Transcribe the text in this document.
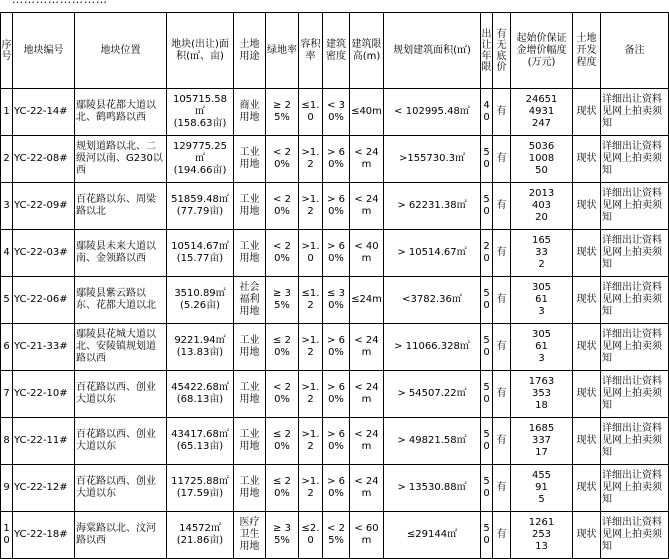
序号	地块编号	地块位置	地块(出让)面积(㎡、亩)	土地用途	绿地率	容积率	建筑密度	建筑限高(m)	规划建筑面积(㎡)	出让年限	有无底价	起始价保证金增价幅度(万元)	土地开发程度	备注
1	YC-22-14#	鄢陵县花都大道以北、鹤鸣路以西	105715.58㎡
(158.63亩)	商业用地	≥ 25%	≤1.0	< 30%	≤40m	< 102995.48㎡	40	有	24651
4931
247	现状	详细出让资料见网上拍卖须知
2	YC-22-08#	规划道路以北、二级河以南、G230以西	129775.25㎡
(194.66亩)	工业用地	< 20%	>1.2	> 60%	< 24m	>155730.3㎡	50	有	5036
1008
50	现状	详细出让资料见网上拍卖须知
3	YC-22-09#	百花路以东、周梁路以北	51859.48㎡
(77.79亩)	工业用地	< 20%	>1.2	> 60%	< 24m	> 62231.38㎡	50	有	2013
403
20	现状	详细出让资料见网上拍卖须知
4	YC-22-03#	鄢陵县未来大道以南、金领路以西	10514.67㎡
(15.77亩)	工业用地	< 20%	>1.0	> 60%	< 40m	> 10514.67㎡	20	有	165
33
2	现状	详细出让资料见网上拍卖须知
5	YC-22-06#	鄢陵县紫云路以东、花都大道以北	3510.89㎡
(5.26亩)	社会福利用地	≥ 35%	≤1.2	≤ 30%	≤24m	<3782.36㎡	50	有	305
61
3	现状	详细出让资料见网上拍卖须知
6	YC-21-33#	鄢陵县花城大道以北、安陵镇规划道路以西	9221.94㎡
(13.83亩)	工业用地	≤ 20%	>1.2	> 60%	< 24m	> 11066.328㎡	50	有	305
61
3	现状	详细出让资料见网上拍卖须知
7	YC-22-10#	百花路以西、创业大道以东	45422.68㎡
(68.13亩)	工业用地	< 20%	>1.2	> 60%	< 24m	> 54507.22㎡	50	有	1763
353
18	现状	详细出让资料见网上拍卖须知
8	YC-22-11#	百花路以西、创业大道以东	43417.68㎡
(65.13亩)	工业用地	≤ 20%	>1.2	> 60%	< 24m	> 49821.58㎡	50	有	1685
337
17	现状	详细出让资料见网上拍卖须知
9	YC-22-12#	百花路以西、创业大道以东	11725.88㎡
(17.59亩)	工业用地	≤ 20%	>1.2	> 60%	< 24m	> 13530.88㎡	50	有	455
91
5	现状	详细出让资料见网上拍卖须知
10	YC-22-18#	海棠路以北、汶河路以西	14572㎡
(21.86亩)	医疗卫生用地	≥ 35%	≤2.0	< 25%	< 60m	≤29144㎡	50	有	1261
253
13	现状	详细出让资料见网上拍卖须知
